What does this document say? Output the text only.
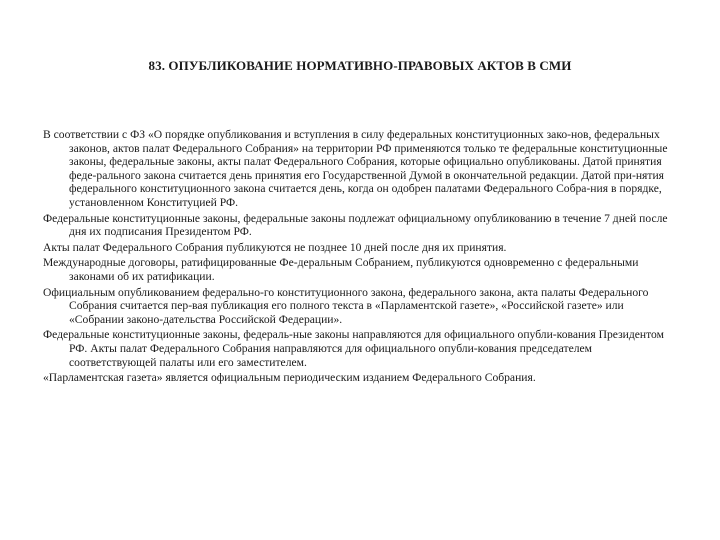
83. ОПУБЛИКОВАНИЕ НОРМАТИВНО-ПРАВОВЫХ АКТОВ В СМИ

В соответствии с ФЗ «О порядке опубликования и вступления в силу федеральных конституционных зако-нов, федеральных законов, актов палат Федерального Собрания» на территории РФ применяются только те федеральные конституционные законы, федеральные законы, акты палат Федерального Собрания, которые официально опубликованы. Датой принятия феде-рального закона считается день принятия его Государственной Думой в окончательной редакции. Датой при-нятия федерального конституционного закона считается день, когда он одобрен палатами Федерального Собра-ния в порядке, установленном Конституцией РФ.

Федеральные конституционные законы, федеральные законы подлежат официальному опубликованию в течение 7 дней после дня их подписания Президентом РФ.

Акты палат Федерального Собрания публикуются не позднее 10 дней после дня их принятия.

Международные договоры, ратифицированные Фе-деральным Собранием, публикуются одновременно с федеральными законами об их ратификации.

Официальным опубликованием федерально-го конституционного закона, федерального закона, акта палаты Федерального Собрания считается пер-вая публикация его полного текста в «Парламентской газете», «Российской газете» или «Собрании законо-дательства Российской Федерации».

Федеральные конституционные законы, федераль-ные законы направляются для официального опубли-кования Президентом РФ. Акты палат Федерального Собрания направляются для официального опубли-кования председателем соответствующей палаты или его заместителем.

«Парламентская газета» является официальным периодическим изданием Федерального Собрания.
